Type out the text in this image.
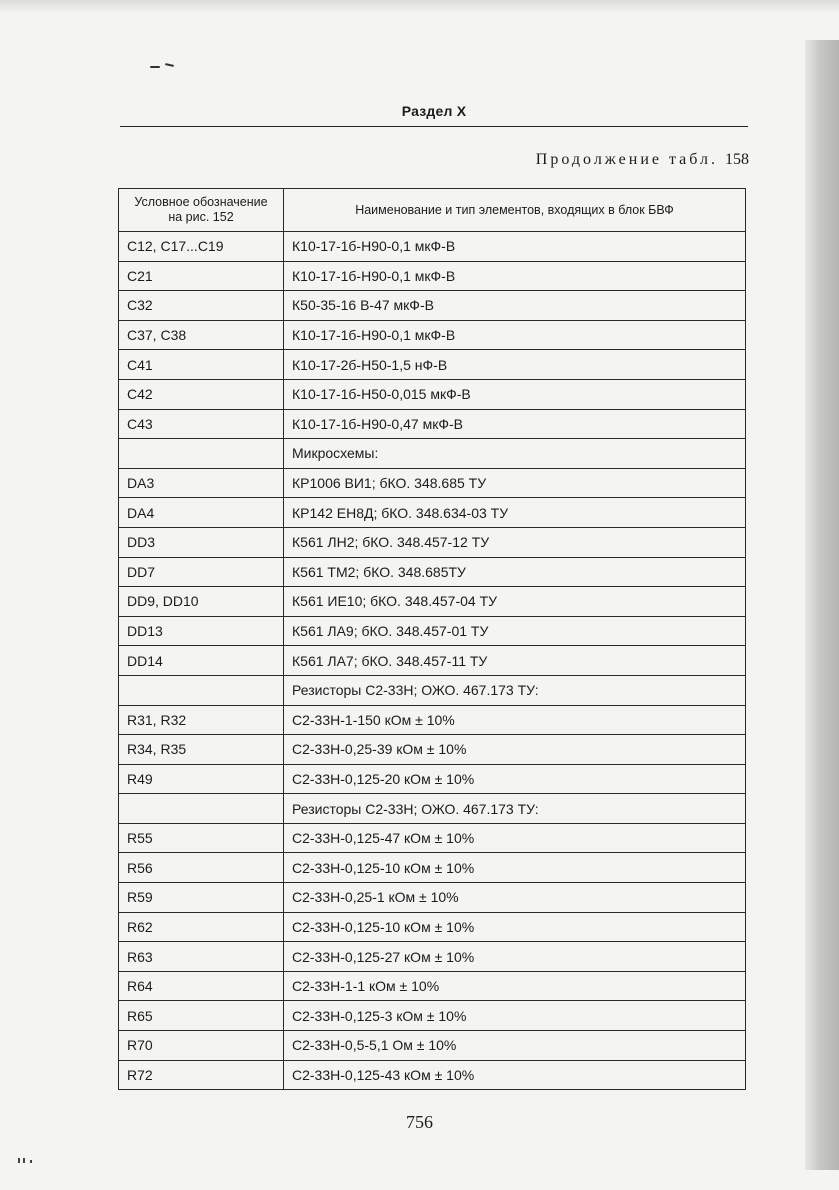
Раздел X
Продолжение табл. 158
Условное обозначение на рис. 152	Наименование и тип элементов, входящих в блок БВФ
C12, C17...C19	К10-17-1б-Н90-0,1 мкФ-В
C21	К10-17-1б-Н90-0,1 мкФ-В
C32	К50-35-16 В-47 мкФ-В
C37, C38	К10-17-1б-Н90-0,1 мкФ-В
C41	К10-17-2б-Н50-1,5 нФ-В
C42	К10-17-1б-Н50-0,015 мкФ-В
C43	К10-17-1б-Н90-0,47 мкФ-В
	Микросхемы:
DA3	КР1006 ВИ1; бКО. 348.685 ТУ
DA4	КР142 ЕН8Д; бКО. 348.634-03 ТУ
DD3	К561 ЛН2; бКО. 348.457-12 ТУ
DD7	К561 ТМ2; бКО. 348.685ТУ
DD9, DD10	К561 ИЕ10; бКО. 348.457-04 ТУ
DD13	К561 ЛА9; бКО. 348.457-01 ТУ
DD14	К561 ЛА7; бКО. 348.457-11 ТУ
	Резисторы С2-33Н; ОЖО. 467.173 ТУ:
R31, R32	С2-33Н-1-150 кОм ± 10%
R34, R35	С2-33Н-0,25-39 кОм ± 10%
R49	С2-33Н-0,125-20 кОм ± 10%
	Резисторы С2-33Н; ОЖО. 467.173 ТУ:
R55	С2-33Н-0,125-47 кОм ± 10%
R56	С2-33Н-0,125-10 кОм ± 10%
R59	С2-33Н-0,25-1 кОм ± 10%
R62	С2-33Н-0,125-10 кОм ± 10%
R63	С2-33Н-0,125-27 кОм ± 10%
R64	С2-33Н-1-1 кОм ± 10%
R65	С2-33Н-0,125-3 кОм ± 10%
R70	С2-33Н-0,5-5,1 Ом ± 10%
R72	С2-33Н-0,125-43 кОм ± 10%
756
